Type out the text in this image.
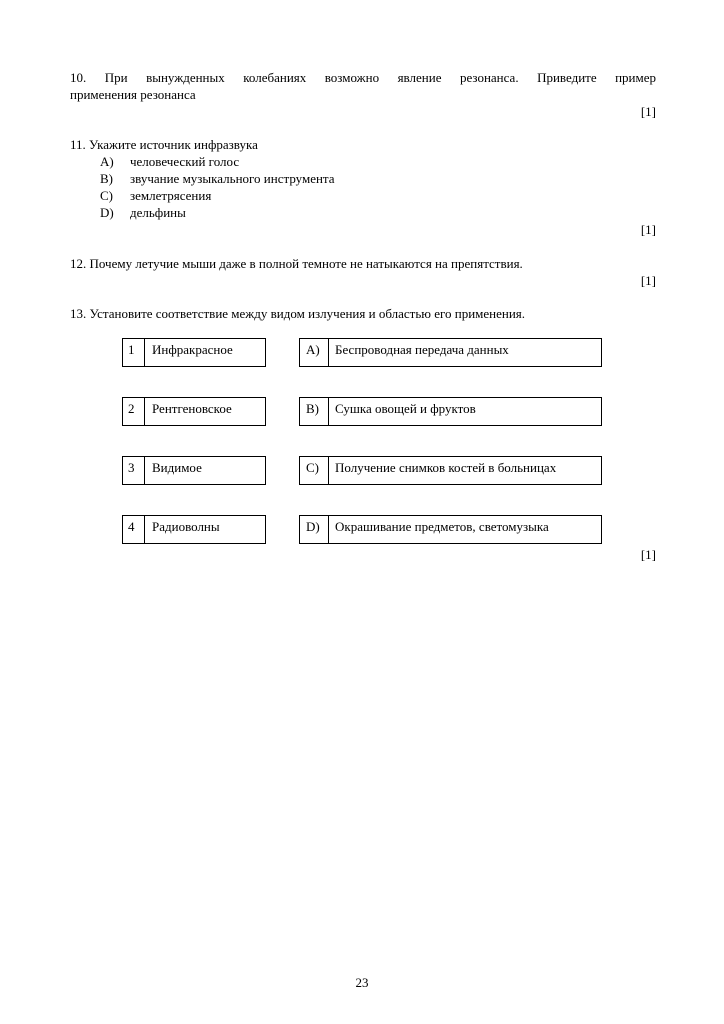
10. При вынужденных колебаниях возможно явление резонанса. Приведите пример
применения резонанса
[1]
11. Укажите источник инфразвука
A) человеческий голос
B) звучание музыкального инструмента
C) землетрясения
D) дельфины
[1]
12. Почему летучие мыши даже в полной темноте не натыкаются на препятствия.
[1]
13. Установите соответствие между видом излучения и областью его применения.
1	Инфракрасное
2	Рентгеновское
3	Видимое
4	Радиоволны
A)	Беспроводная передача данных
B)	Сушка овощей и фруктов
C)	Получение снимков костей в больницах
D)	Окрашивание предметов, светомузыка
[1]
23
